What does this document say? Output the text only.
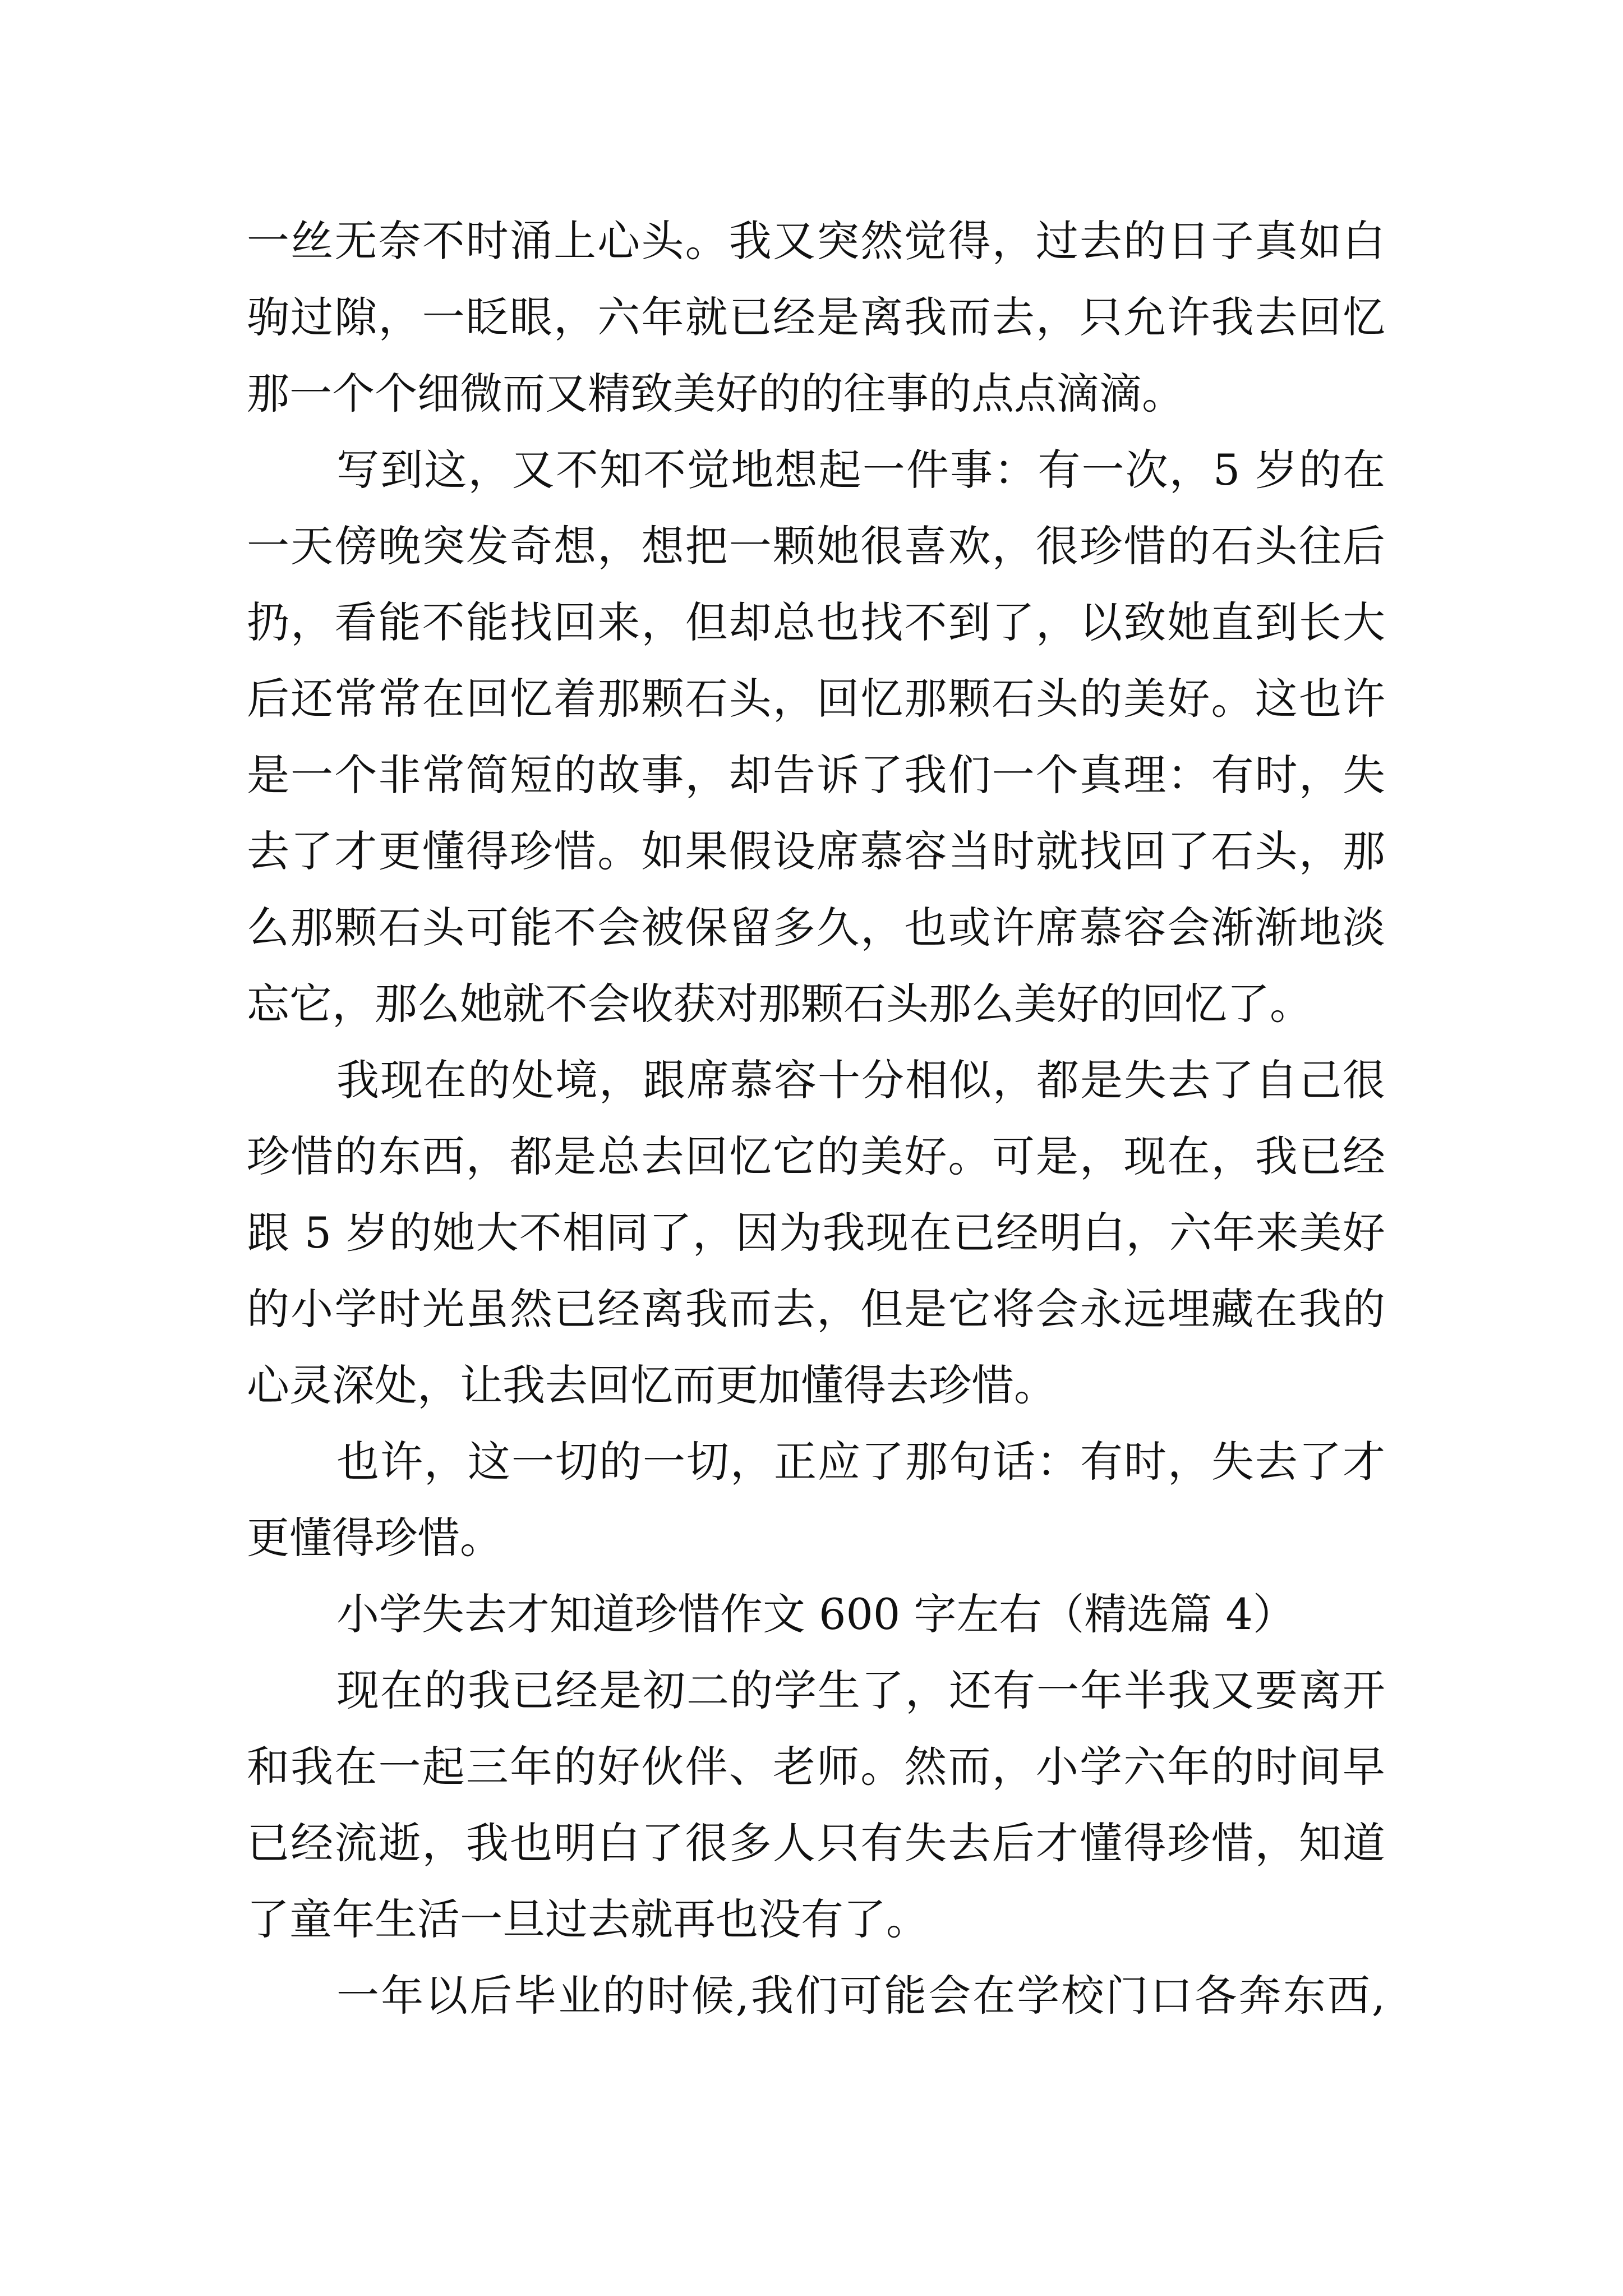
一丝无奈不时涌上心头。我又突然觉得，过去的日子真如白
驹过隙，一眨眼，六年就已经是离我而去，只允许我去回忆
那一个个细微而又精致美好的的往事的点点滴滴。
写到这，又不知不觉地想起一件事：有一次，5 岁的在
一天傍晚突发奇想，想把一颗她很喜欢，很珍惜的石头往后
扔，看能不能找回来，但却总也找不到了，以致她直到长大
后还常常在回忆着那颗石头，回忆那颗石头的美好。这也许
是一个非常简短的故事，却告诉了我们一个真理：有时，失
去了才更懂得珍惜。如果假设席慕容当时就找回了石头，那
么那颗石头可能不会被保留多久，也或许席慕容会渐渐地淡
忘它，那么她就不会收获对那颗石头那么美好的回忆了。
我现在的处境，跟席慕容十分相似，都是失去了自己很
珍惜的东西，都是总去回忆它的美好。可是，现在，我已经
跟 5 岁的她大不相同了，因为我现在已经明白，六年来美好
的小学时光虽然已经离我而去，但是它将会永远埋藏在我的
心灵深处，让我去回忆而更加懂得去珍惜。
也许，这一切的一切，正应了那句话：有时，失去了才
更懂得珍惜。
小学失去才知道珍惜作文 600 字左右（精选篇 4）
现在的我已经是初二的学生了，还有一年半我又要离开
和我在一起三年的好伙伴、老师。然而，小学六年的时间早
已经流逝，我也明白了很多人只有失去后才懂得珍惜，知道
了童年生活一旦过去就再也没有了。
一年以后毕业的时候,我们可能会在学校门口各奔东西,
